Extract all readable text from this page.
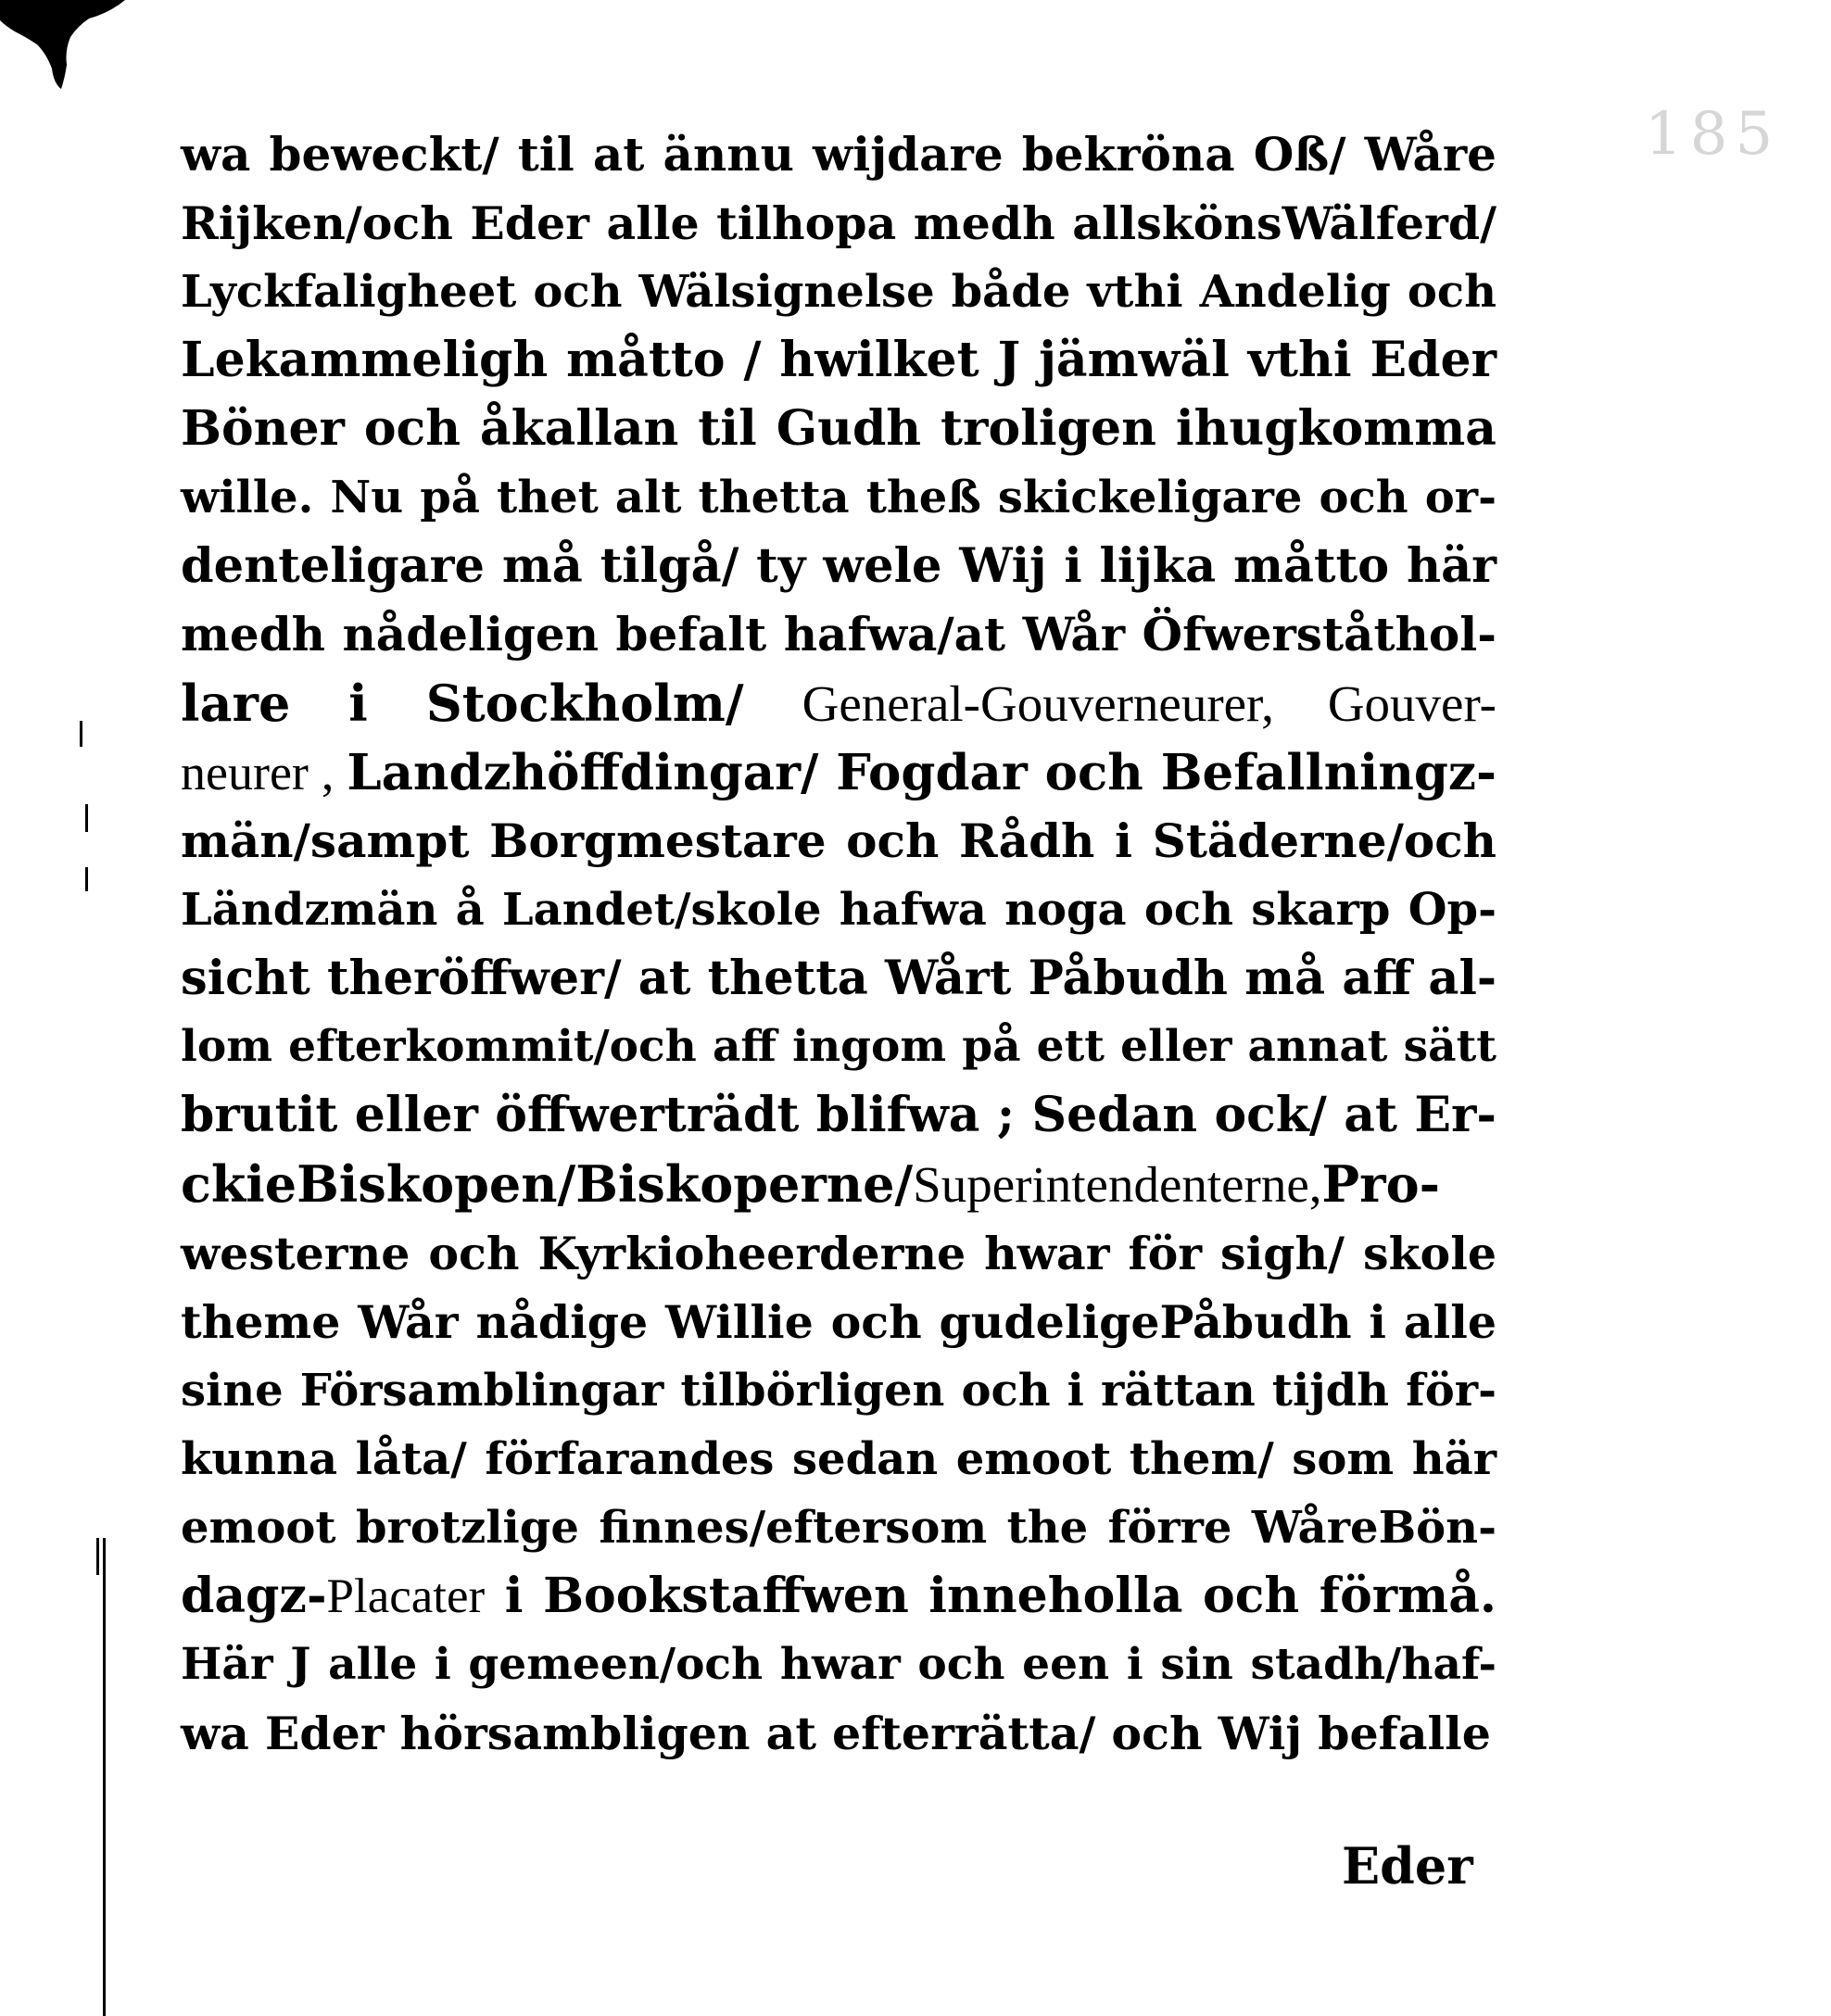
185
wa beweckt/ til at ännu wijdare bekröna Oß/ Wåre
Rijken/och Eder alle tilhopa medh allskönsWälferd/
Lyckfaligheet och Wälsignelse både vthi Andelig och
Lekammeligh måtto / hwilket J jämwäl vthi Eder
Böner och åkallan til Gudh troligen ihugkomma
wille. Nu på thet alt thetta theß skickeligare och or-
denteligare må tilgå/ ty wele Wij i lijka måtto här
medh nådeligen befalt hafwa/at Wår Öfwerståthol-
lare i Stockholm/ General-Gouverneurer, Gouver-
neurer , Landzhöffdingar/ Fogdar och Befallningz-
män/sampt Borgmestare och Rådh i Städerne/och
Ländzmän å Landet/skole hafwa noga och skarp Op-
sicht theröffwer/ at thetta Wårt Påbudh må aff al-
lom efterkommit/och aff ingom på ett eller annat sätt
brutit eller öffwerträdt blifwa ; Sedan ock/ at Er-
ckieBiskopen/Biskoperne/Superintendenterne,Pro-
westerne och Kyrkioheerderne hwar för sigh/ skole
theme Wår nådige Willie och gudeligePåbudh i alle
sine Församblingar tilbörligen och i rättan tijdh för-
kunna låta/ förfarandes sedan emoot them/ som här
emoot brotzlige finnes/eftersom the förre WåreBön-
dagz-Placater i Bookstaffwen inneholla och förmå.
Här J alle i gemeen/och hwar och een i sin stadh/haf-
wa Eder hörsambligen at efterrätta/ och Wij befalle
Eder
